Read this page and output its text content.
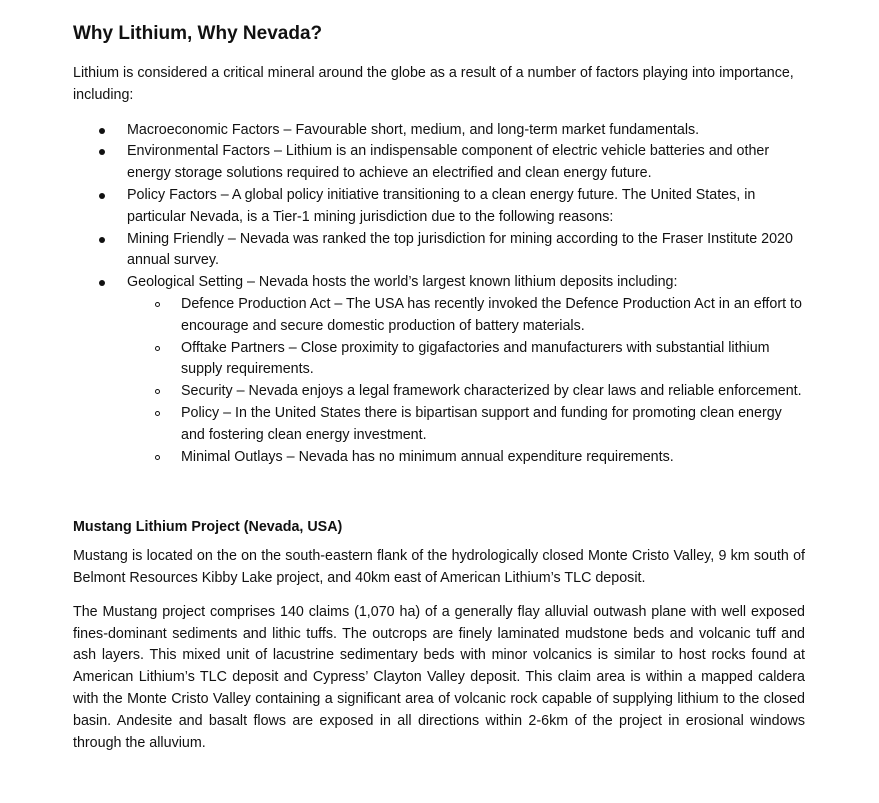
Why Lithium, Why Nevada?

Lithium is considered a critical mineral around the globe as a result of a number of factors playing into importance, including:

Macroeconomic Factors – Favourable short, medium, and long-term market fundamentals.
Environmental Factors – Lithium is an indispensable component of electric vehicle batteries and other energy storage solutions required to achieve an electrified and clean energy future.
Policy Factors – A global policy initiative transitioning to a clean energy future. The United States, in particular Nevada, is a Tier-1 mining jurisdiction due to the following reasons:
Mining Friendly – Nevada was ranked the top jurisdiction for mining according to the Fraser Institute 2020 annual survey.
Geological Setting – Nevada hosts the world’s largest known lithium deposits including:
Defence Production Act – The USA has recently invoked the Defence Production Act in an effort to encourage and secure domestic production of battery materials.
Offtake Partners – Close proximity to gigafactories and manufacturers with substantial lithium supply requirements.
Security – Nevada enjoys a legal framework characterized by clear laws and reliable enforcement.
Policy – In the United States there is bipartisan support and funding for promoting clean energy and fostering clean energy investment.
Minimal Outlays – Nevada has no minimum annual expenditure requirements.
Mustang Lithium Project (Nevada, USA)

Mustang is located on the on the south-eastern flank of the hydrologically closed Monte Cristo Valley, 9 km south of Belmont Resources Kibby Lake project, and 40km east of American Lithium’s TLC deposit.

The Mustang project comprises 140 claims (1,070 ha) of a generally flay alluvial outwash plane with well exposed fines-dominant sediments and lithic tuffs. The outcrops are finely laminated mudstone beds and volcanic tuff and ash layers. This mixed unit of lacustrine sedimentary beds with minor volcanics is similar to host rocks found at American Lithium’s TLC deposit and Cypress’ Clayton Valley deposit. This claim area is within a mapped caldera with the Monte Cristo Valley containing a significant area of volcanic rock capable of supplying lithium to the closed basin. Andesite and basalt flows are exposed in all directions within 2-6km of the project in erosional windows through the alluvium.
